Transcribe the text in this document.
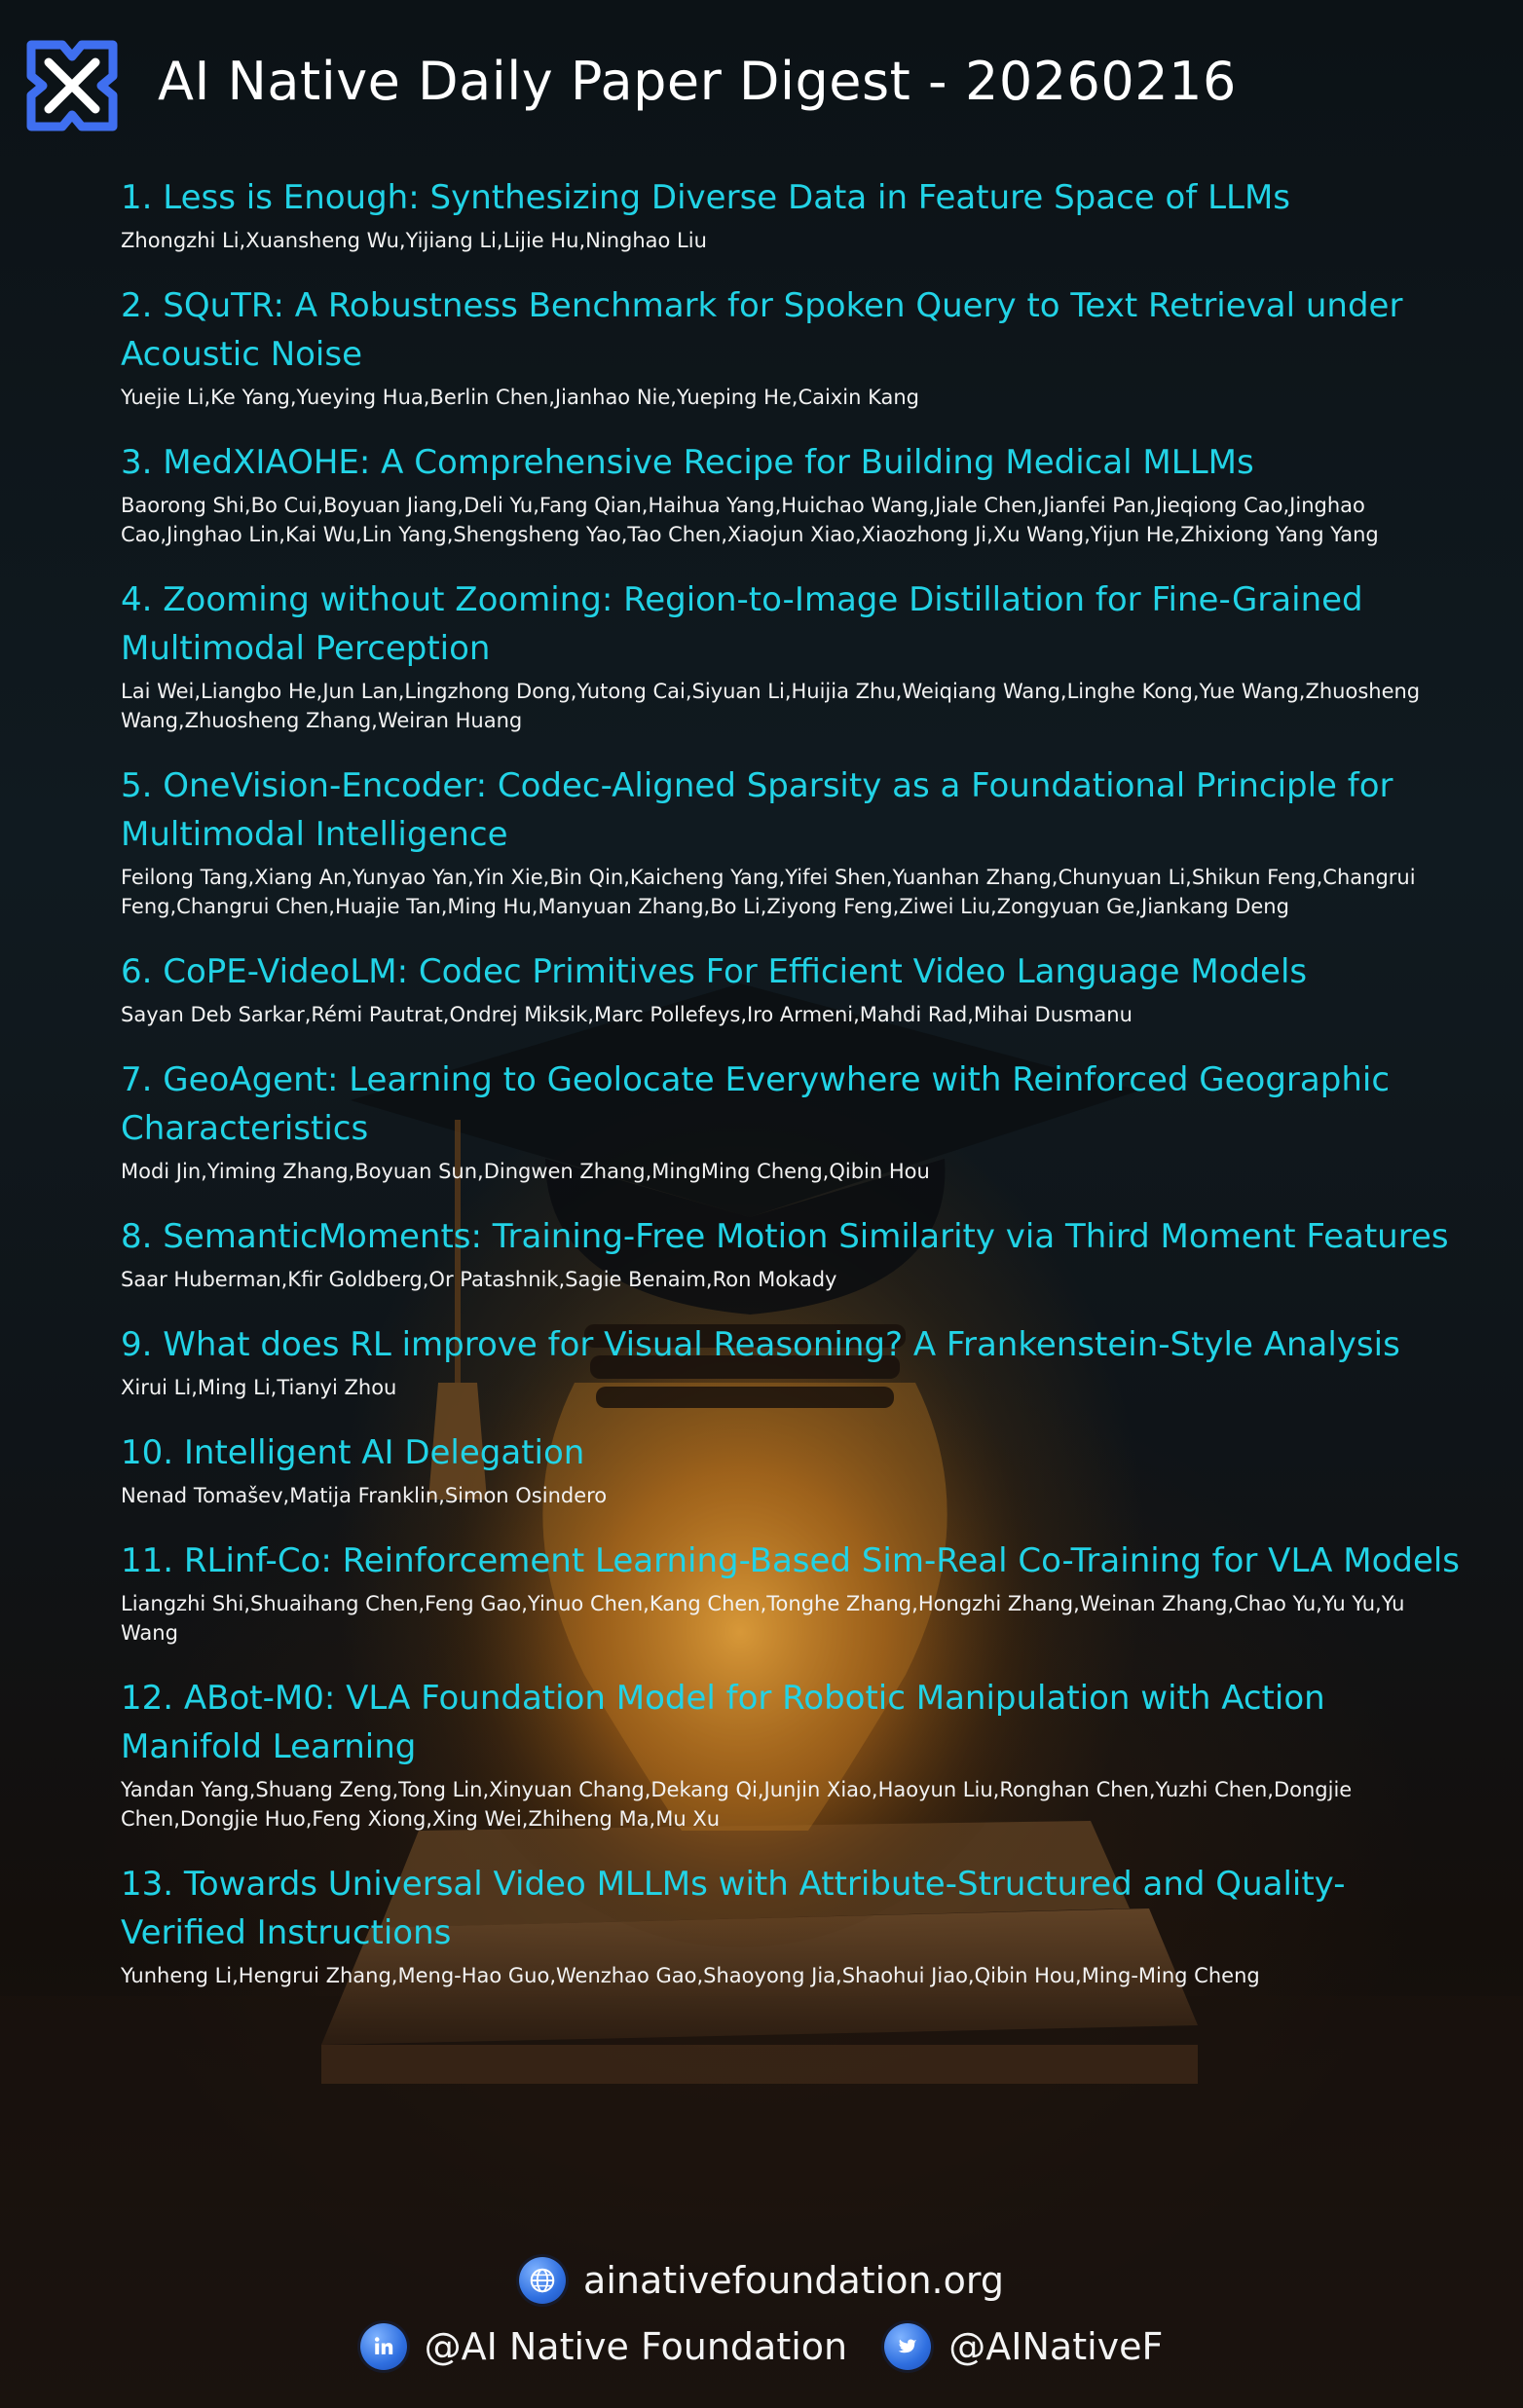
AI Native Daily Paper Digest - 20260216
1. Less is Enough: Synthesizing Diverse Data in Feature Space of LLMs
Zhongzhi Li,Xuansheng Wu,Yijiang Li,Lijie Hu,Ninghao Liu
2. SQuTR: A Robustness Benchmark for Spoken Query to Text Retrieval under Acoustic Noise
Yuejie Li,Ke Yang,Yueying Hua,Berlin Chen,Jianhao Nie,Yueping He,Caixin Kang
3. MedXIAOHE: A Comprehensive Recipe for Building Medical MLLMs
Baorong Shi,Bo Cui,Boyuan Jiang,Deli Yu,Fang Qian,Haihua Yang,Huichao Wang,Jiale Chen,Jianfei Pan,Jieqiong Cao,Jinghao Cao,Jinghao Lin,Kai Wu,Lin Yang,Shengsheng Yao,Tao Chen,Xiaojun Xiao,Xiaozhong Ji,Xu Wang,Yijun He,Zhixiong Yang Yang
4. Zooming without Zooming: Region-to-Image Distillation for Fine-Grained Multimodal Perception
Lai Wei,Liangbo He,Jun Lan,Lingzhong Dong,Yutong Cai,Siyuan Li,Huijia Zhu,Weiqiang Wang,Linghe Kong,Yue Wang,Zhuosheng Wang,Zhuosheng Zhang,Weiran Huang
5. OneVision-Encoder: Codec-Aligned Sparsity as a Foundational Principle for Multimodal Intelligence
Feilong Tang,Xiang An,Yunyao Yan,Yin Xie,Bin Qin,Kaicheng Yang,Yifei Shen,Yuanhan Zhang,Chunyuan Li,Shikun Feng,Changrui Feng,Changrui Chen,Huajie Tan,Ming Hu,Manyuan Zhang,Bo Li,Ziyong Feng,Ziwei Liu,Zongyuan Ge,Jiankang Deng
6. CoPE-VideoLM: Codec Primitives For Efficient Video Language Models
Sayan Deb Sarkar,Rémi Pautrat,Ondrej Miksik,Marc Pollefeys,Iro Armeni,Mahdi Rad,Mihai Dusmanu
7. GeoAgent: Learning to Geolocate Everywhere with Reinforced Geographic Characteristics
Modi Jin,Yiming Zhang,Boyuan Sun,Dingwen Zhang,MingMing Cheng,Qibin Hou
8. SemanticMoments: Training-Free Motion Similarity via Third Moment Features
Saar Huberman,Kfir Goldberg,Or Patashnik,Sagie Benaim,Ron Mokady
9. What does RL improve for Visual Reasoning? A Frankenstein-Style Analysis
Xirui Li,Ming Li,Tianyi Zhou
10. Intelligent AI Delegation
Nenad Tomašev,Matija Franklin,Simon Osindero
11. RLinf-Co: Reinforcement Learning-Based Sim-Real Co-Training for VLA Models
Liangzhi Shi,Shuaihang Chen,Feng Gao,Yinuo Chen,Kang Chen,Tonghe Zhang,Hongzhi Zhang,Weinan Zhang,Chao Yu,Yu Yu,Yu Wang
12. ABot-M0: VLA Foundation Model for Robotic Manipulation with Action Manifold Learning
Yandan Yang,Shuang Zeng,Tong Lin,Xinyuan Chang,Dekang Qi,Junjin Xiao,Haoyun Liu,Ronghan Chen,Yuzhi Chen,Dongjie Chen,Dongjie Huo,Feng Xiong,Xing Wei,Zhiheng Ma,Mu Xu
13. Towards Universal Video MLLMs with Attribute-Structured and Quality-Verified Instructions
Yunheng Li,Hengrui Zhang,Meng-Hao Guo,Wenzhao Gao,Shaoyong Jia,Shaohui Jiao,Qibin Hou,Ming-Ming Cheng
ainativefoundation.org
@AI Native Foundation
	@AINativeF
